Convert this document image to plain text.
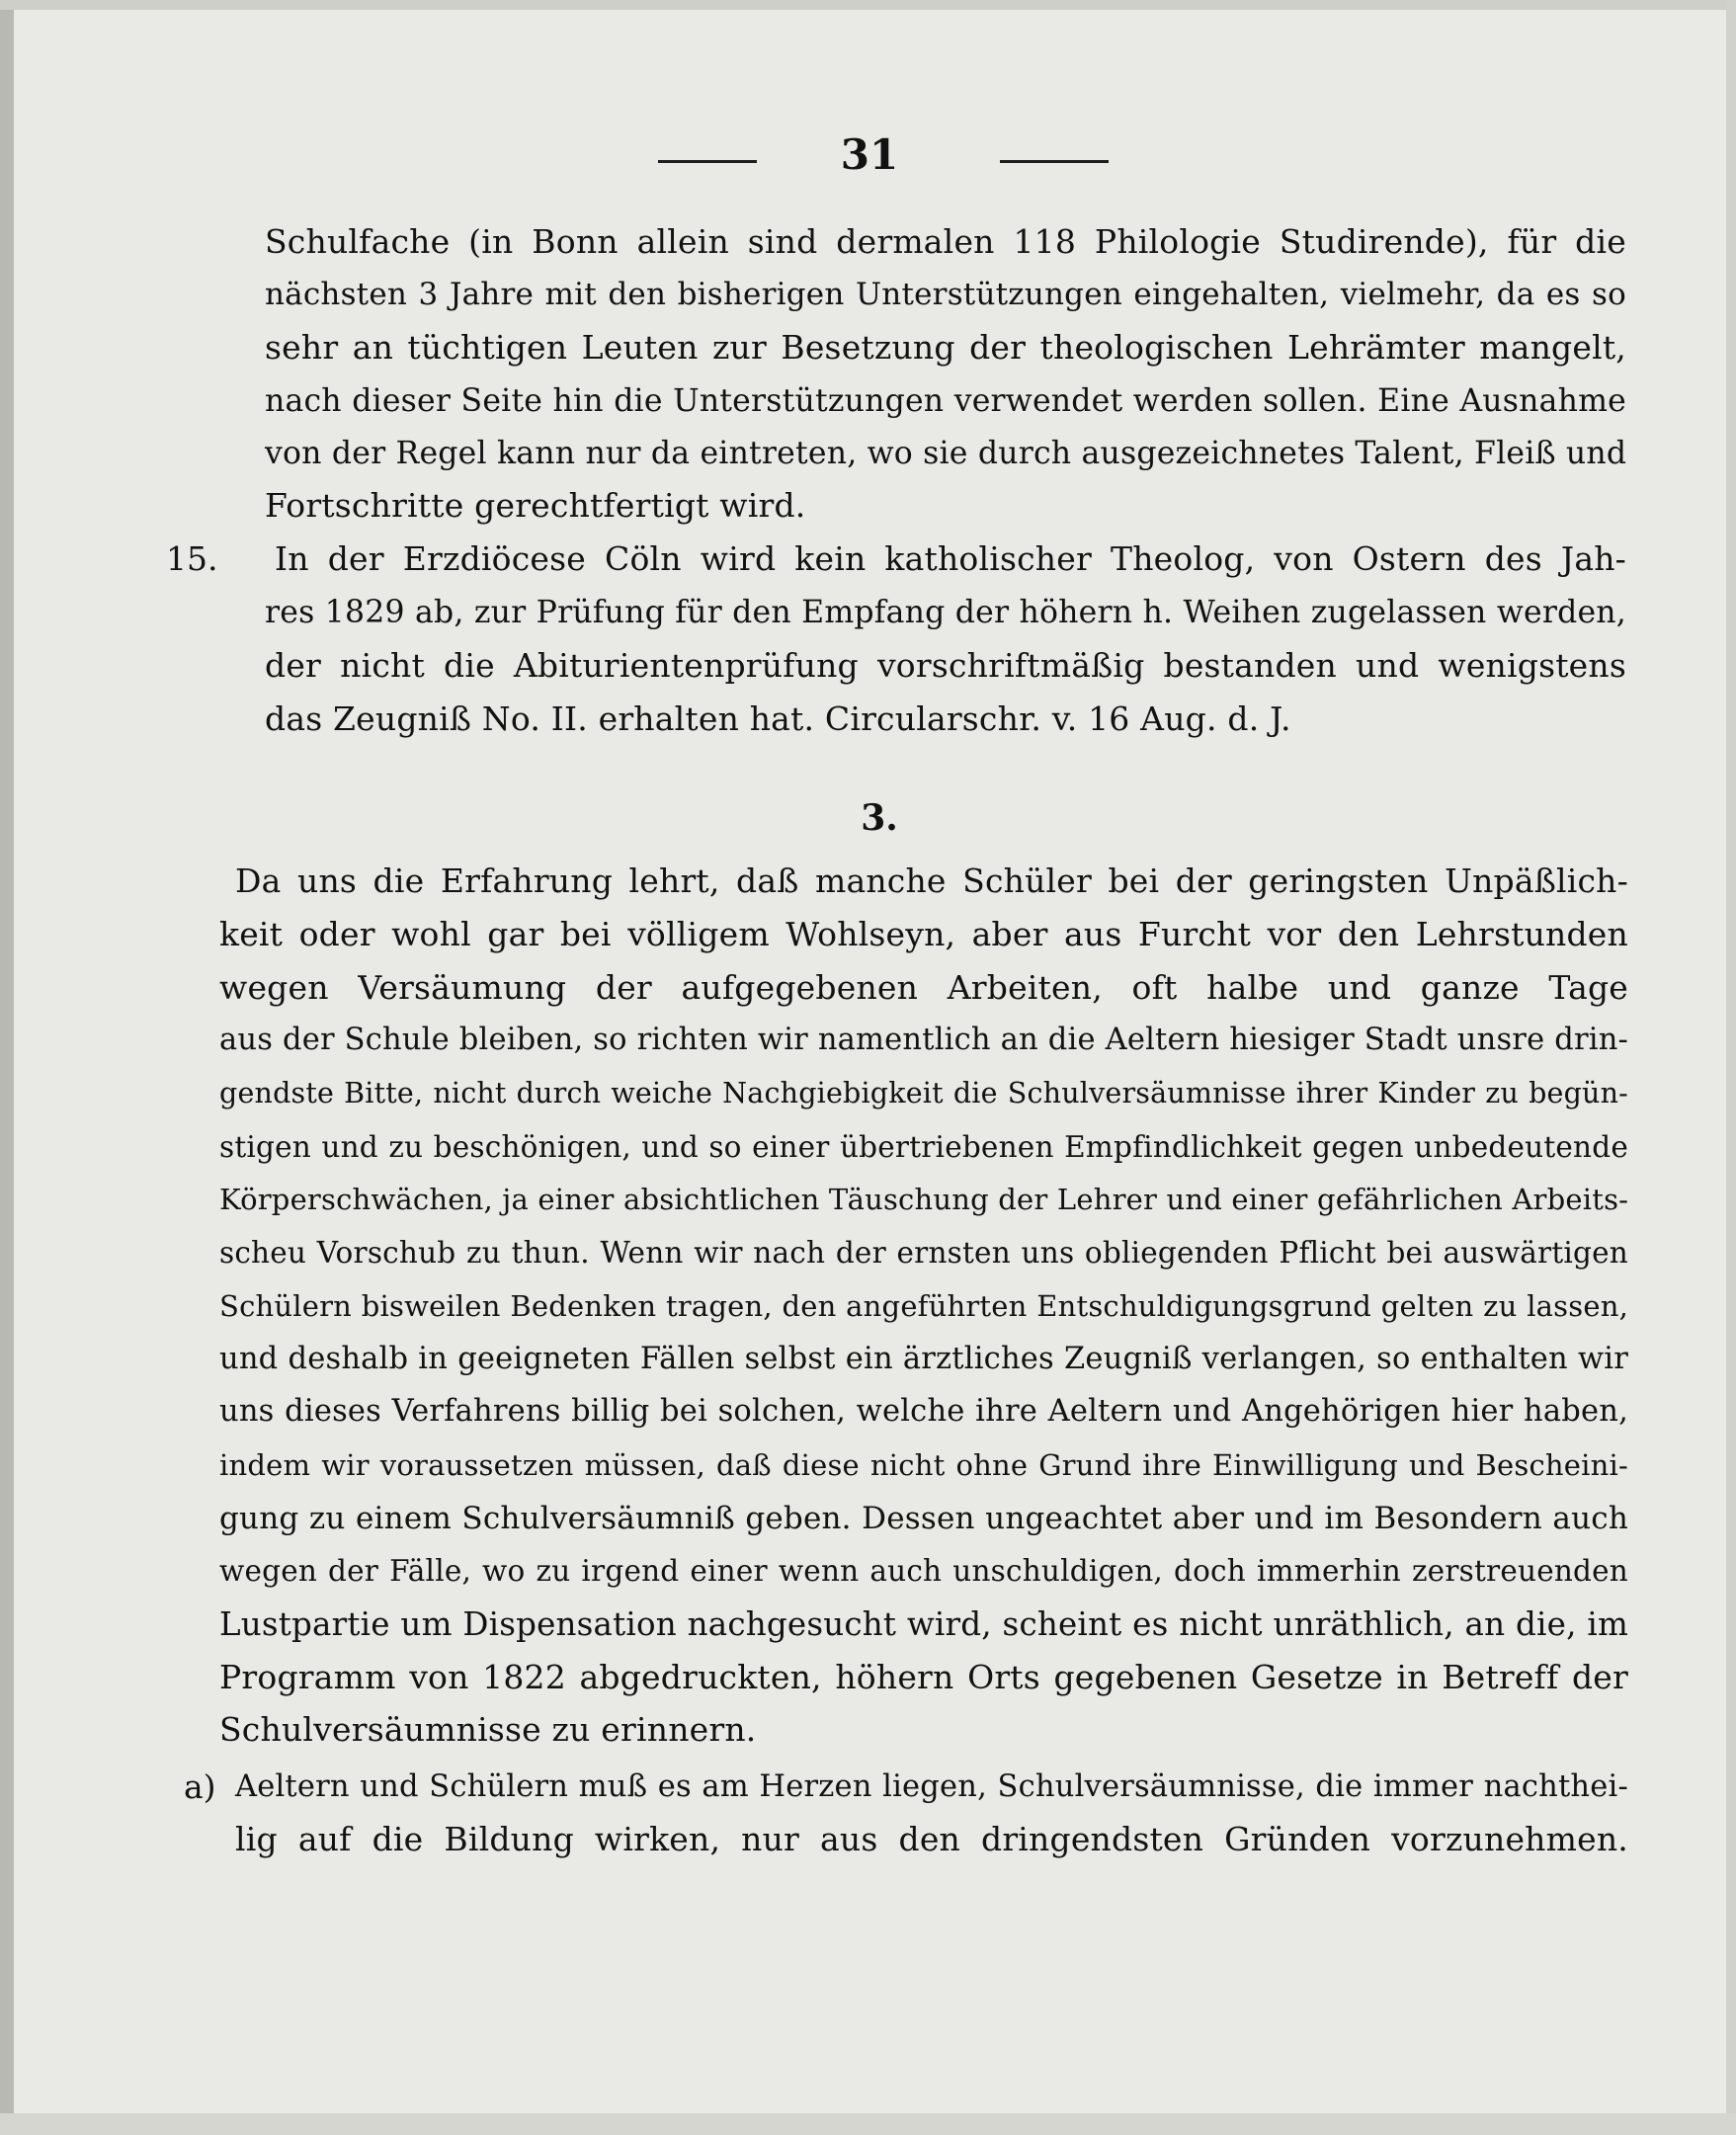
31
Schulfache (in Bonn allein sind dermalen 118 Philologie Studirende), für die
nächsten 3 Jahre mit den bisherigen Unterstützungen eingehalten, vielmehr, da es so
sehr an tüchtigen Leuten zur Besetzung der theologischen Lehrämter mangelt,
nach dieser Seite hin die Unterstützungen verwendet werden sollen. Eine Ausnahme
von der Regel kann nur da eintreten, wo sie durch ausgezeichnetes Talent, Fleiß und
Fortschritte gerechtfertigt wird.
15. In der Erzdiöcese Cöln wird kein katholischer Theolog, von Ostern des Jah-
res 1829 ab, zur Prüfung für den Empfang der höhern h. Weihen zugelassen werden,
der nicht die Abiturientenprüfung vorschriftmäßig bestanden und wenigstens
das Zeugniß No. II. erhalten hat. Circularschr. v. 16 Aug. d. J.
3.
Da uns die Erfahrung lehrt, daß manche Schüler bei der geringsten Unpäßlich-
keit oder wohl gar bei völligem Wohlseyn, aber aus Furcht vor den Lehrstunden
wegen Versäumung der aufgegebenen Arbeiten, oft halbe und ganze Tage
aus der Schule bleiben, so richten wir namentlich an die Aeltern hiesiger Stadt unsre drin-
gendste Bitte, nicht durch weiche Nachgiebigkeit die Schulversäumnisse ihrer Kinder zu begün-
stigen und zu beschönigen, und so einer übertriebenen Empfindlichkeit gegen unbedeutende
Körperschwächen, ja einer absichtlichen Täuschung der Lehrer und einer gefährlichen Arbeits-
scheu Vorschub zu thun. Wenn wir nach der ernsten uns obliegenden Pflicht bei auswärtigen
Schülern bisweilen Bedenken tragen, den angeführten Entschuldigungsgrund gelten zu lassen,
und deshalb in geeigneten Fällen selbst ein ärztliches Zeugniß verlangen, so enthalten wir
uns dieses Verfahrens billig bei solchen, welche ihre Aeltern und Angehörigen hier haben,
indem wir voraussetzen müssen, daß diese nicht ohne Grund ihre Einwilligung und Bescheini-
gung zu einem Schulversäumniß geben. Dessen ungeachtet aber und im Besondern auch
wegen der Fälle, wo zu irgend einer wenn auch unschuldigen, doch immerhin zerstreuenden
Lustpartie um Dispensation nachgesucht wird, scheint es nicht unräthlich, an die, im
Programm von 1822 abgedruckten, höhern Orts gegebenen Gesetze in Betreff der
Schulversäumnisse zu erinnern.
a) Aeltern und Schülern muß es am Herzen liegen, Schulversäumnisse, die immer nachthei-
lig auf die Bildung wirken, nur aus den dringendsten Gründen vorzunehmen.
